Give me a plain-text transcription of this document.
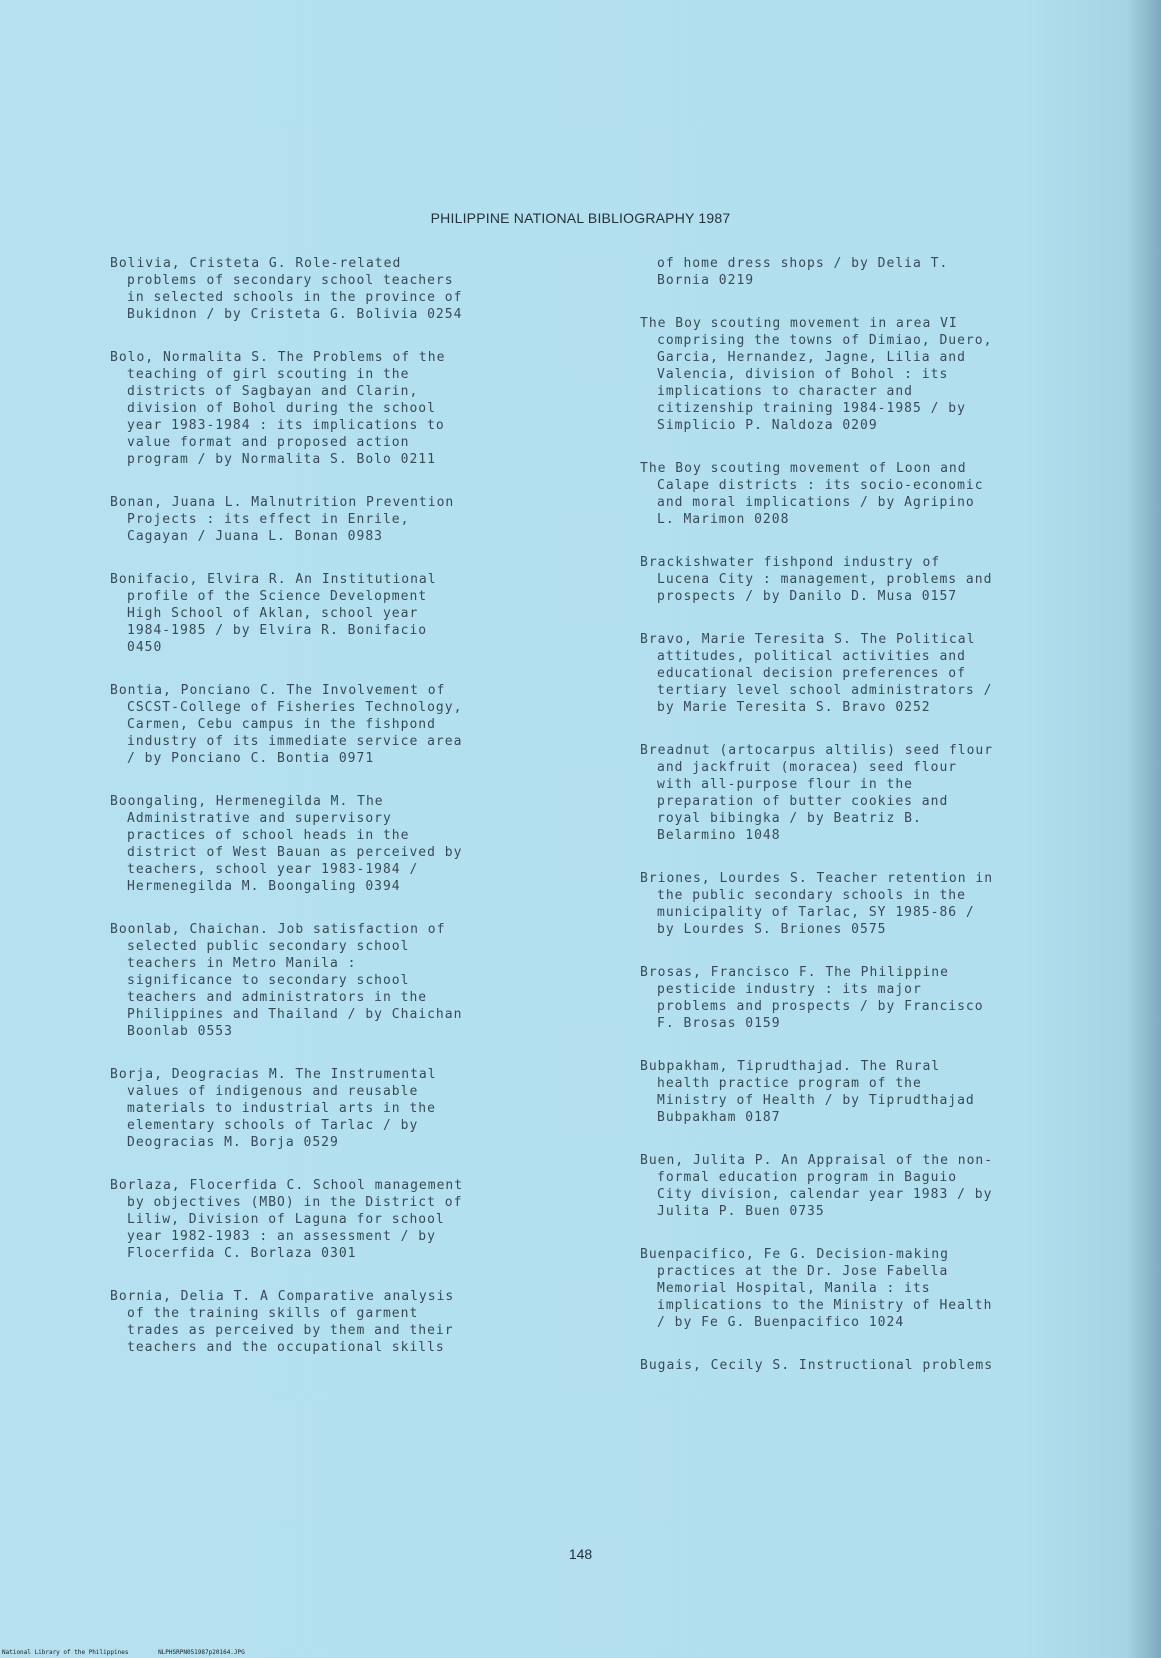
PHILIPPINE NATIONAL BIBLIOGRAPHY 1987
Bolivia, Cristeta G. Role-related
problems of secondary school teachers
in selected schools in the province of
Bukidnon / by Cristeta G. Bolivia 0254
Bolo, Normalita S. The Problems of the
teaching of girl scouting in the
districts of Sagbayan and Clarin,
division of Bohol during the school
year 1983-1984 : its implications to
value format and proposed action
program / by Normalita S. Bolo 0211
Bonan, Juana L. Malnutrition Prevention
Projects : its effect in Enrile,
Cagayan / Juana L. Bonan 0983
Bonifacio, Elvira R. An Institutional
profile of the Science Development
High School of Aklan, school year
1984-1985 / by Elvira R. Bonifacio
0450
Bontia, Ponciano C. The Involvement of
CSCST-College of Fisheries Technology,
Carmen, Cebu campus in the fishpond
industry of its immediate service area
/ by Ponciano C. Bontia 0971
Boongaling, Hermenegilda M. The
Administrative and supervisory
practices of school heads in the
district of West Bauan as perceived by
teachers, school year 1983-1984 /
Hermenegilda M. Boongaling 0394
Boonlab, Chaichan. Job satisfaction of
selected public secondary school
teachers in Metro Manila :
significance to secondary school
teachers and administrators in the
Philippines and Thailand / by Chaichan
Boonlab 0553
Borja, Deogracias M. The Instrumental
values of indigenous and reusable
materials to industrial arts in the
elementary schools of Tarlac / by
Deogracias M. Borja 0529
Borlaza, Flocerfida C. School management
by objectives (MBO) in the District of
Liliw, Division of Laguna for school
year 1982-1983 : an assessment / by
Flocerfida C. Borlaza 0301
Bornia, Delia T. A Comparative analysis
of the training skills of garment
trades as perceived by them and their
teachers and the occupational skills
of home dress shops / by Delia T.
Bornia 0219
The Boy scouting movement in area VI
comprising the towns of Dimiao, Duero,
Garcia, Hernandez, Jagne, Lilia and
Valencia, division of Bohol : its
implications to character and
citizenship training 1984-1985 / by
Simplicio P. Naldoza 0209
The Boy scouting movement of Loon and
Calape districts : its socio-economic
and moral implications / by Agripino
L. Marimon 0208
Brackishwater fishpond industry of
Lucena City : management, problems and
prospects / by Danilo D. Musa 0157
Bravo, Marie Teresita S. The Political
attitudes, political activities and
educational decision preferences of
tertiary level school administrators /
by Marie Teresita S. Bravo 0252
Breadnut (artocarpus altilis) seed flour
and jackfruit (moracea) seed flour
with all-purpose flour in the
preparation of butter cookies and
royal bibingka / by Beatriz B.
Belarmino 1048
Briones, Lourdes S. Teacher retention in
the public secondary schools in the
municipality of Tarlac, SY 1985-86 /
by Lourdes S. Briones 0575
Brosas, Francisco F. The Philippine
pesticide industry : its major
problems and prospects / by Francisco
F. Brosas 0159
Bubpakham, Tiprudthajad. The Rural
health practice program of the
Ministry of Health / by Tiprudthajad
Bubpakham 0187
Buen, Julita P. An Appraisal of the non-
formal education program in Baguio
City division, calendar year 1983 / by
Julita P. Buen 0735
Buenpacifico, Fe G. Decision-making
practices at the Dr. Jose Fabella
Memorial Hospital, Manila : its
implications to the Ministry of Health
/ by Fe G. Buenpacifico 1024
Bugais, Cecily S. Instructional problems
148
National Library of the Philippines	NLPHSRPN051987p20164.JPG
